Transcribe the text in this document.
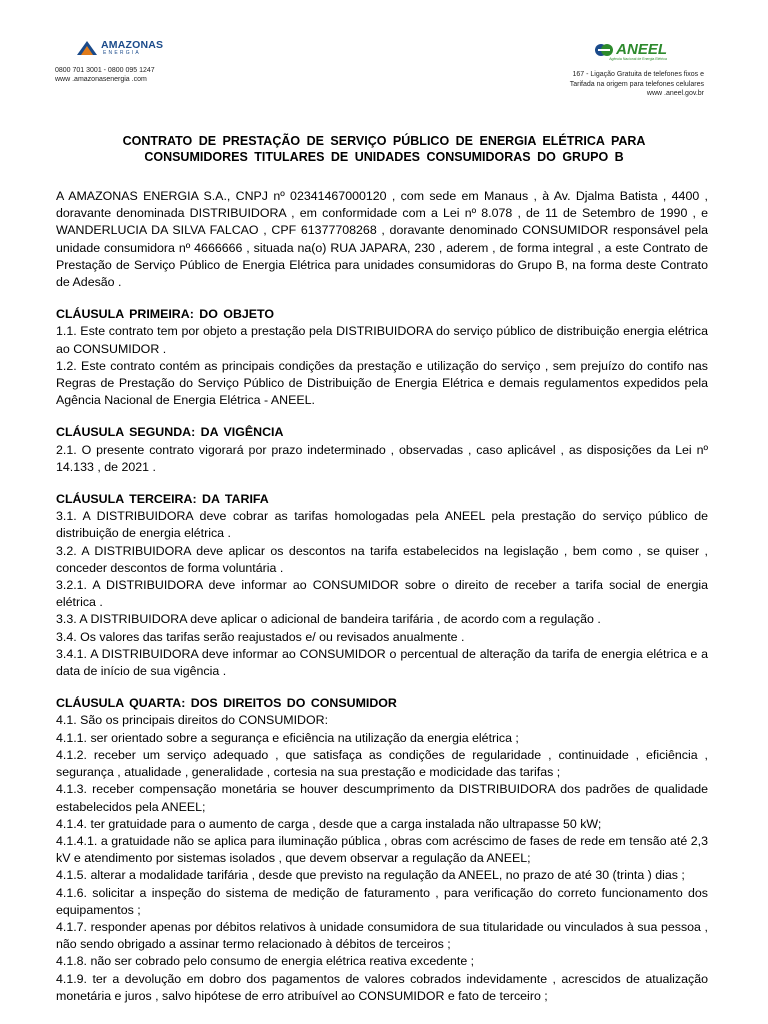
AMAZONAS
ENERGIA
0800 701 3001 - 0800 095 1247
www .amazonasenergia .com
ANEEL
Agência Nacional de Energia Elétrica
167 - Ligação Gratuita de telefones fixos e
Tarifada na origem para telefones celulares
www .aneel.gov.br
CONTRATO DE PRESTAÇÃO DE SERVIÇO PÚBLICO DE ENERGIA ELÉTRICA PARA
CONSUMIDORES TITULARES DE UNIDADES CONSUMIDORAS DO GRUPO B

A AMAZONAS ENERGIA S.A., CNPJ nº 02341467000120 , com sede em Manaus , à Av. Djalma Batista , 4400 , doravante denominada DISTRIBUIDORA , em conformidade com a Lei nº 8.078 , de 11 de Setembro de 1990 , e WANDERLUCIA DA SILVA FALCAO , CPF 61377708268 , doravante denominado CONSUMIDOR responsável pela unidade consumidora nº 4666666 , situada na(o) RUA JAPARA, 230 , aderem , de forma integral , a este Contrato de Prestação de Serviço Público de Energia Elétrica para unidades consumidoras do Grupo B, na forma deste Contrato de Adesão .

CLÁUSULA PRIMEIRA: DO OBJETO

1.1. Este contrato tem por objeto a prestação pela DISTRIBUIDORA do serviço público de distribuição energia elétrica ao CONSUMIDOR .

1.2. Este contrato contém as principais condições da prestação e utilização do serviço , sem prejuízo do contifo nas Regras de Prestação do Serviço Público de Distribuição de Energia Elétrica e demais regulamentos expedidos pela Agência Nacional de Energia Elétrica - ANEEL.

CLÁUSULA SEGUNDA: DA VIGÊNCIA

2.1. O presente contrato vigorará por prazo indeterminado , observadas , caso aplicável , as disposições da Lei nº 14.133 , de 2021 .

CLÁUSULA TERCEIRA: DA TARIFA

3.1. A DISTRIBUIDORA deve cobrar as tarifas homologadas pela ANEEL pela prestação do serviço público de distribuição de energia elétrica .

3.2. A DISTRIBUIDORA deve aplicar os descontos na tarifa estabelecidos na legislação , bem como , se quiser , conceder descontos de forma voluntária .

3.2.1. A DISTRIBUIDORA deve informar ao CONSUMIDOR sobre o direito de receber a tarifa social de energia elétrica .

3.3. A DISTRIBUIDORA deve aplicar o adicional de bandeira tarifária , de acordo com a regulação .

3.4. Os valores das tarifas serão reajustados e/ ou revisados anualmente .

3.4.1. A DISTRIBUIDORA deve informar ao CONSUMIDOR o percentual de alteração da tarifa de energia elétrica e a data de início de sua vigência .

CLÁUSULA QUARTA: DOS DIREITOS DO CONSUMIDOR

4.1. São os principais direitos do CONSUMIDOR:

4.1.1. ser orientado sobre a segurança e eficiência na utilização da energia elétrica ;

4.1.2. receber um serviço adequado , que satisfaça as condições de regularidade , continuidade , eficiência , segurança , atualidade , generalidade , cortesia na sua prestação e modicidade das tarifas ;

4.1.3. receber compensação monetária se houver descumprimento da DISTRIBUIDORA dos padrões de qualidade estabelecidos pela ANEEL;

4.1.4. ter gratuidade para o aumento de carga , desde que a carga instalada não ultrapasse 50 kW;

4.1.4.1. a gratuidade não se aplica para iluminação pública , obras com acréscimo de fases de rede em tensão até 2,3 kV e atendimento por sistemas isolados , que devem observar a regulação da ANEEL;

4.1.5. alterar a modalidade tarifária , desde que previsto na regulação da ANEEL, no prazo de até 30 (trinta ) dias ;

4.1.6. solicitar a inspeção do sistema de medição de faturamento , para verificação do correto funcionamento dos equipamentos ;

4.1.7. responder apenas por débitos relativos à unidade consumidora de sua titularidade ou vinculados à sua pessoa , não sendo obrigado a assinar termo relacionado à débitos de terceiros ;

4.1.8. não ser cobrado pelo consumo de energia elétrica reativa excedente ;

4.1.9. ter a devolução em dobro dos pagamentos de valores cobrados indevidamente , acrescidos de atualização monetária e juros , salvo hipótese de erro atribuível ao CONSUMIDOR e fato de terceiro ;
